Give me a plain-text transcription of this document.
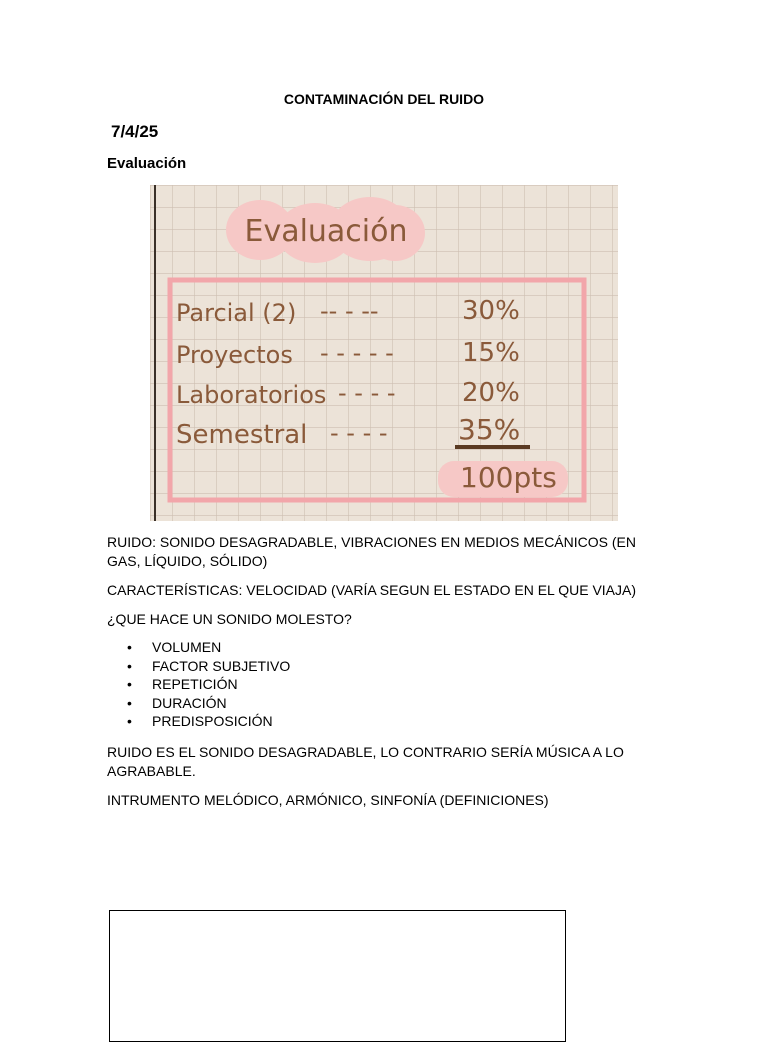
CONTAMINACIÓN DEL RUIDO
7/4/25
Evaluación
Evaluación
Parcial (2) -- - --	30%
Proyectos - - - - -	15%
Laboratorios - - - -	20%
Semestral - - - -	35%
100pts
RUIDO: SONIDO DESAGRADABLE, VIBRACIONES EN MEDIOS MECÁNICOS (EN GAS, LÍQUIDO, SÓLIDO)
CARACTERÍSTICAS: VELOCIDAD (VARÍA SEGUN EL ESTADO EN EL QUE VIAJA)
¿QUE HACE UN SONIDO MOLESTO?
• VOLUMEN
• FACTOR SUBJETIVO
• REPETICIÓN
• DURACIÓN
• PREDISPOSICIÓN
RUIDO ES EL SONIDO DESAGRADABLE, LO CONTRARIO SERÍA MÚSICA A LO AGRABABLE.
INTRUMENTO MELÓDICO, ARMÓNICO, SINFONÍA (DEFINICIONES)
